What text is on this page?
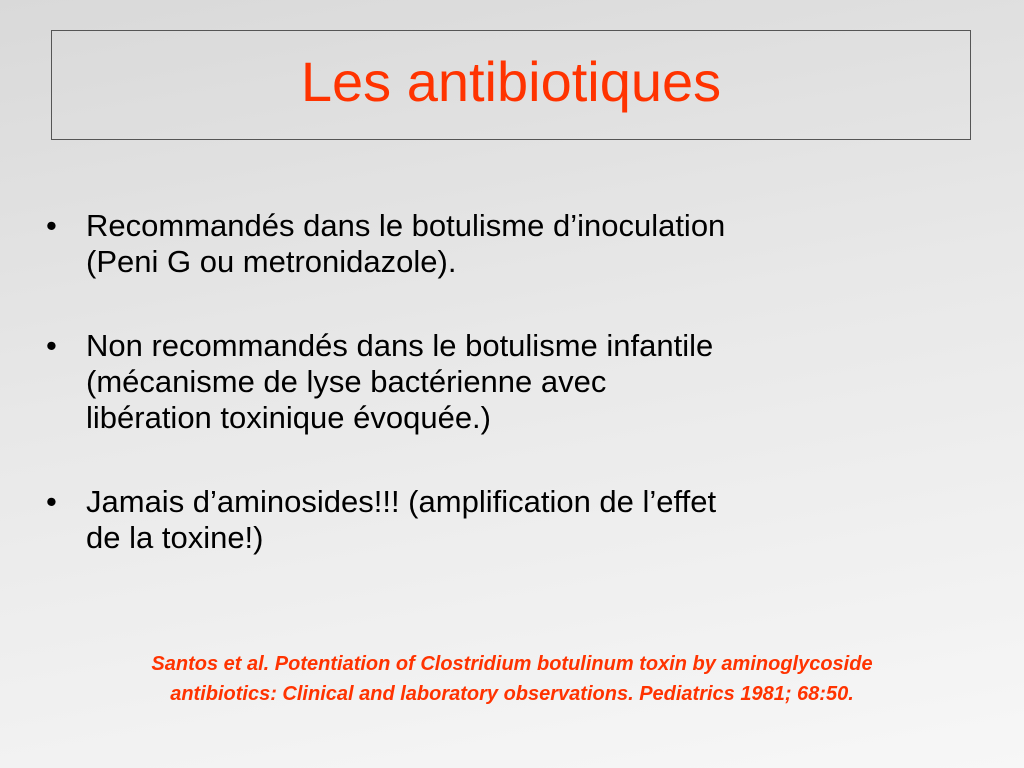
Les antibiotiques
• Recommandés dans le botulisme d’inoculation
(Peni G ou metronidazole).
• Non recommandés dans le botulisme infantile
(mécanisme de lyse bactérienne avec
libération toxinique évoquée.)
• Jamais d’aminosides!!! (amplification de l’effet
de la toxine!)
Santos et al. Potentiation of Clostridium botulinum toxin by aminoglycoside
antibiotics: Clinical and laboratory observations. Pediatrics 1981; 68:50.
